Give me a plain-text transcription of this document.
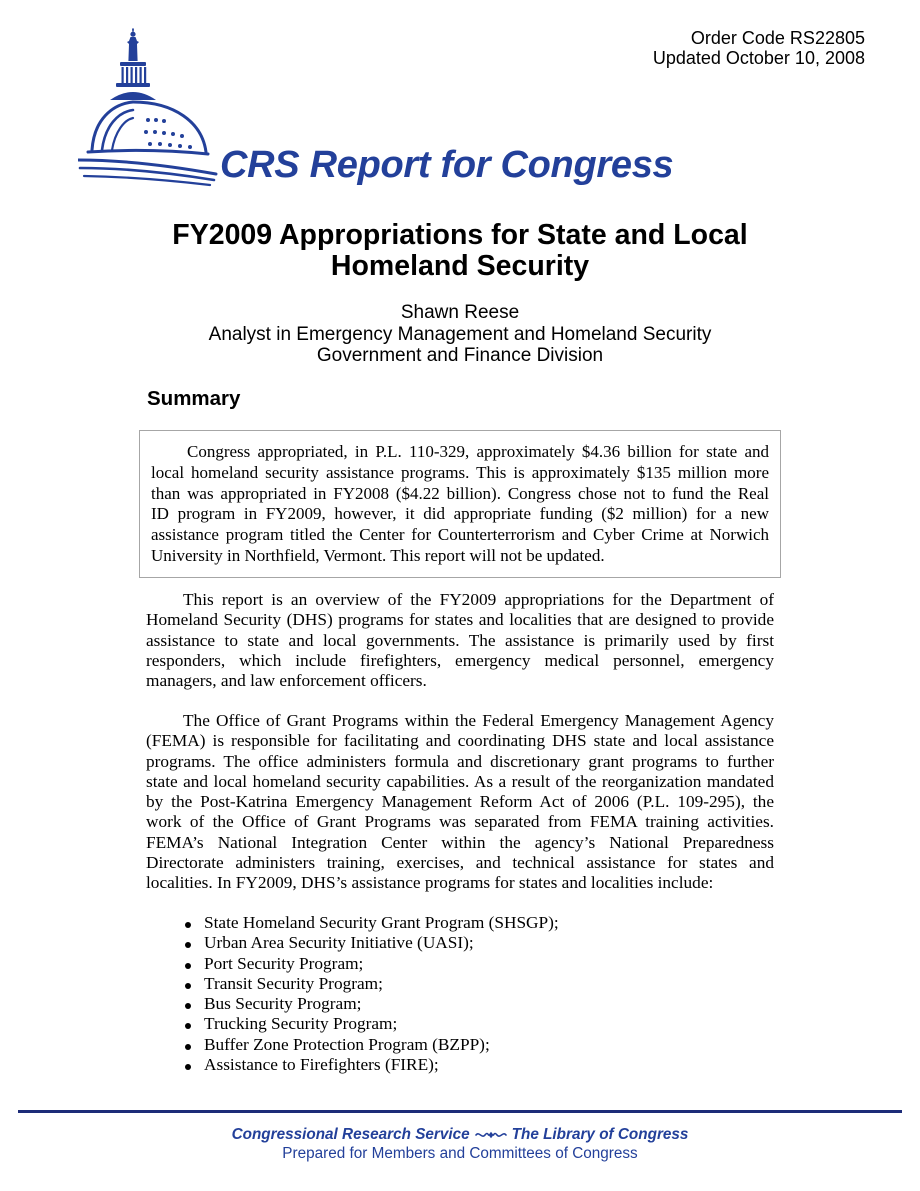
Order Code RS22805
Updated October 10, 2008
CRS Report for Congress
FY2009 Appropriations for State and Local
Homeland Security
Shawn Reese
Analyst in Emergency Management and Homeland Security
Government and Finance Division
Summary
Congress appropriated, in P.L. 110-329, approximately $4.36 billion for state and
local homeland security assistance programs. This is approximately $135 million more
than was appropriated in FY2008 ($4.22 billion). Congress chose not to fund the Real
ID program in FY2009, however, it did appropriate funding ($2 million) for a new
assistance program titled the Center for Counterterrorism and Cyber Crime at Norwich
University in Northfield, Vermont. This report will not be updated.
This report is an overview of the FY2009 appropriations for the Department of
Homeland Security (DHS) programs for states and localities that are designed to provide
assistance to state and local governments. The assistance is primarily used by first
responders, which include firefighters, emergency medical personnel, emergency
managers, and law enforcement officers.
The Office of Grant Programs within the Federal Emergency Management Agency
(FEMA) is responsible for facilitating and coordinating DHS state and local assistance
programs. The office administers formula and discretionary grant programs to further
state and local homeland security capabilities. As a result of the reorganization mandated
by the Post-Katrina Emergency Management Reform Act of 2006 (P.L. 109-295), the
work of the Office of Grant Programs was separated from FEMA training activities.
FEMA’s National Integration Center within the agency’s National Preparedness
Directorate administers training, exercises, and technical assistance for states and
localities. In FY2009, DHS’s assistance programs for states and localities include:
State Homeland Security Grant Program (SHSGP);
Urban Area Security Initiative (UASI);
Port Security Program;
Transit Security Program;
Bus Security Program;
Trucking Security Program;
Buffer Zone Protection Program (BZPP);
Assistance to Firefighters (FIRE);
Congressional Research Service	The Library of Congress
Prepared for Members and Committees of Congress
